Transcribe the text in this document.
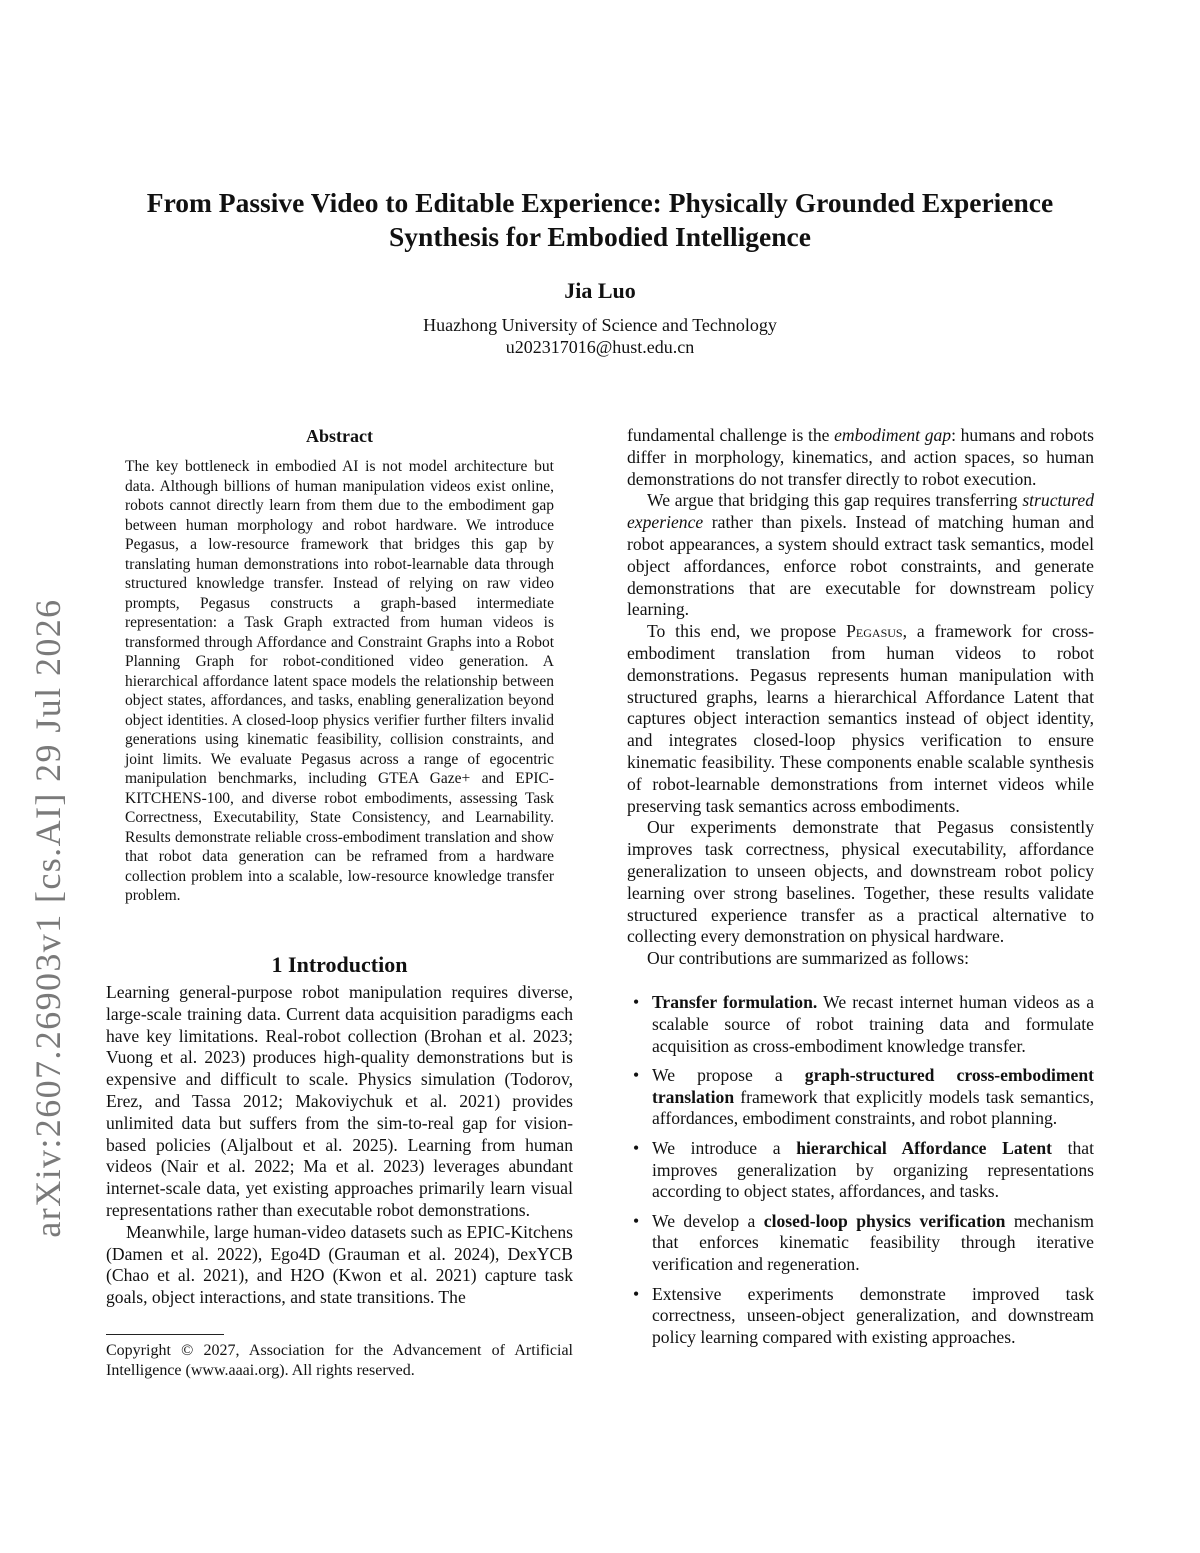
arXiv:2607.26903v1 [cs.AI] 29 Jul 2026
From Passive Video to Editable Experience: Physically Grounded Experience
Synthesis for Embodied Intelligence
Jia Luo
Huazhong University of Science and Technology
u202317016@hust.edu.cn
Abstract

The key bottleneck in embodied AI is not model architecture but data. Although billions of human manipulation videos exist online, robots cannot directly learn from them due to the embodiment gap between human morphology and robot hardware. We introduce Pegasus, a low-resource framework that bridges this gap by translating human demonstrations into robot-learnable data through structured knowledge transfer. Instead of relying on raw video prompts, Pegasus constructs a graph-based intermediate representation: a Task Graph extracted from human videos is transformed through Affordance and Constraint Graphs into a Robot Planning Graph for robot-conditioned video generation. A hierarchical affordance latent space models the relationship between object states, affordances, and tasks, enabling generalization beyond object identities. A closed-loop physics verifier further filters invalid generations using kinematic feasibility, collision constraints, and joint limits. We evaluate Pegasus across a range of egocentric manipulation benchmarks, including GTEA Gaze+ and EPIC-KITCHENS-100, and diverse robot embodiments, assessing Task Correctness, Executability, State Consistency, and Learnability. Results demonstrate reliable cross-embodiment translation and show that robot data generation can be reframed from a hardware collection problem into a scalable, low-resource knowledge transfer problem.

1 Introduction

Learning general-purpose robot manipulation requires diverse, large-scale training data. Current data acquisition paradigms each have key limitations. Real-robot collection (Brohan et al. 2023; Vuong et al. 2023) produces high-quality demonstrations but is expensive and difficult to scale. Physics simulation (Todorov, Erez, and Tassa 2012; Makoviychuk et al. 2021) provides unlimited data but suffers from the sim-to-real gap for vision-based policies (Aljalbout et al. 2025). Learning from human videos (Nair et al. 2022; Ma et al. 2023) leverages abundant internet-scale data, yet existing approaches primarily learn visual representations rather than executable robot demonstrations.

Meanwhile, large human-video datasets such as EPIC-Kitchens (Damen et al. 2022), Ego4D (Grauman et al. 2024), DexYCB (Chao et al. 2021), and H2O (Kwon et al. 2021) capture task goals, object interactions, and state transitions. The

Copyright © 2027, Association for the Advancement of Artificial Intelligence (www.aaai.org). All rights reserved.

fundamental challenge is the embodiment gap: humans and robots differ in morphology, kinematics, and action spaces, so human demonstrations do not transfer directly to robot execution.

We argue that bridging this gap requires transferring structured experience rather than pixels. Instead of matching human and robot appearances, a system should extract task semantics, model object affordances, enforce robot constraints, and generate demonstrations that are executable for downstream policy learning.

To this end, we propose Pegasus, a framework for cross-embodiment translation from human videos to robot demonstrations. Pegasus represents human manipulation with structured graphs, learns a hierarchical Affordance Latent that captures object interaction semantics instead of object identity, and integrates closed-loop physics verification to ensure kinematic feasibility. These components enable scalable synthesis of robot-learnable demonstrations from internet videos while preserving task semantics across embodiments.

Our experiments demonstrate that Pegasus consistently improves task correctness, physical executability, affordance generalization to unseen objects, and downstream robot policy learning over strong baselines. Together, these results validate structured experience transfer as a practical alternative to collecting every demonstration on physical hardware.

Our contributions are summarized as follows:

• Transfer formulation. We recast internet human videos as a scalable source of robot training data and formulate acquisition as cross-embodiment knowledge transfer.
• We propose a graph-structured cross-embodiment translation framework that explicitly models task semantics, affordances, embodiment constraints, and robot planning.
• We introduce a hierarchical Affordance Latent that improves generalization by organizing representations according to object states, affordances, and tasks.
• We develop a closed-loop physics verification mechanism that enforces kinematic feasibility through iterative verification and regeneration.
• Extensive experiments demonstrate improved task correctness, unseen-object generalization, and downstream policy learning compared with existing approaches.
